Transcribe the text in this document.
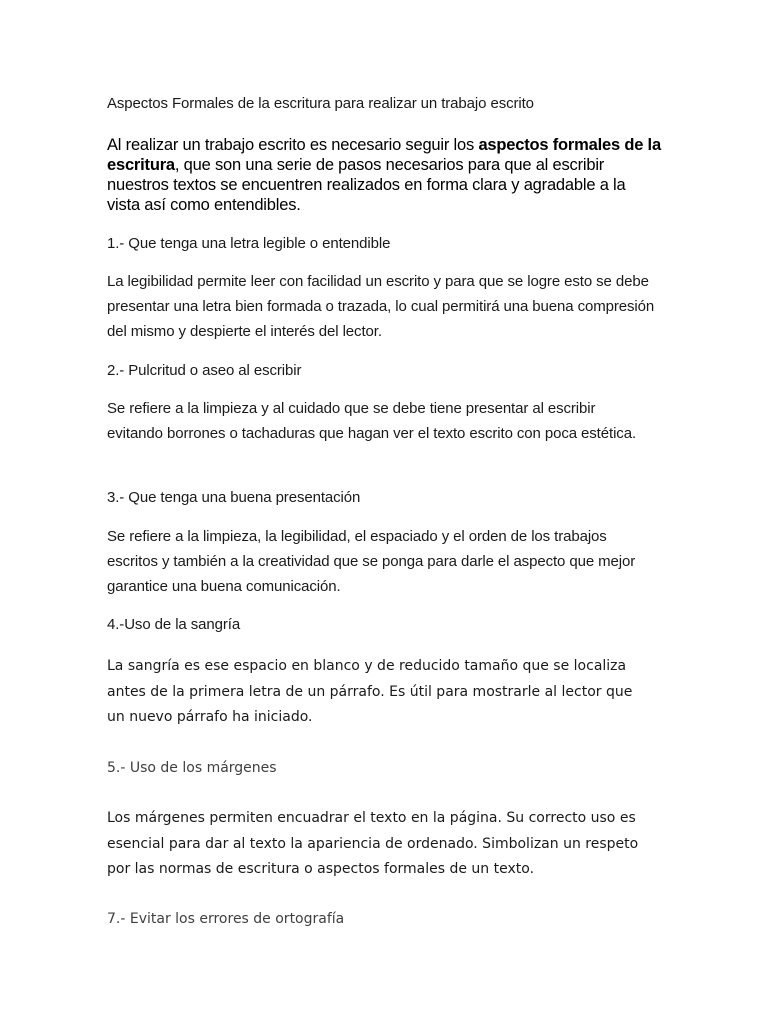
Aspectos Formales de la escritura para realizar un trabajo escrito

Al realizar un trabajo escrito es necesario seguir los aspectos formales de la escritura, que son una serie de pasos necesarios para que al escribir nuestros textos se encuentren realizados en forma clara y agradable a la vista así como entendibles.

1.- Que tenga una letra legible o entendible

La legibilidad permite leer con facilidad un escrito y para que se logre esto se debe presentar una letra bien formada o trazada, lo cual permitirá una buena compresión del mismo y despierte el interés del lector.

2.- Pulcritud o aseo al escribir

Se refiere a la limpieza y al cuidado que se debe tiene presentar al escribir evitando borrones o tachaduras que hagan ver el texto escrito con poca estética.

3.- Que tenga una buena presentación

Se refiere a la limpieza, la legibilidad, el espaciado y el orden de los trabajos escritos y también a la creatividad que se ponga para darle el aspecto que mejor garantice una buena comunicación.

4.-Uso de la sangría

La sangría es ese espacio en blanco y de reducido tamaño que se localiza antes de la primera letra de un párrafo. Es útil para mostrarle al lector que un nuevo párrafo ha iniciado.

5.- Uso de los márgenes

Los márgenes permiten encuadrar el texto en la página. Su correcto uso es esencial para dar al texto la apariencia de ordenado. Simbolizan un respeto por las normas de escritura o aspectos formales de un texto.

7.- Evitar los errores de ortografía
